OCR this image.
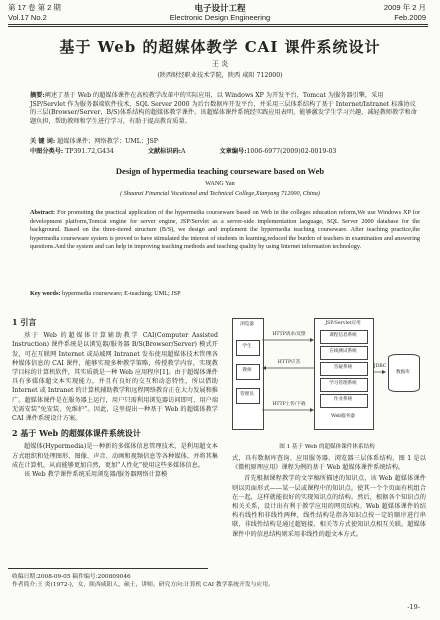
第 17 卷 第 2 期
Vol.17 No.2
电子设计工程
Electronic Design Engineering
2009 年 2 月
Feb.2009
基于 Web 的超媒体教学 CAI 课件系统设计
王 炎
(陕西财经职业技术学院，陕西 咸阳 712000)
摘要:阐述了基于 Web 的超媒体课件在高校教学改革中的实际应用，以 Windows XP 为开发平台，Tomcat 为服务器引擎，采用 JSP/Servlet 作为服务器端软件技术，SQL Server 2000 为后台数据库开发平台，并采用三层体系结构了基于 Internet/Intranet 标准协议的三层(Browser/Server，B/S)体系结构的超媒体教学课件。该超媒体课件系统经实践应用表明，能够激发学生学习兴趣，减轻教师教学和命题负担，帮助教师和学生进行学习，有助于提高教育质量。
关 键 词: 超媒体课件；网络教学；UML；JSP
中图分类号: TP391.72,G434	文献标识码:A	文章编号:1006-6977(2009)02-0019-03
Design of hypermedia teaching courseware based on Web
WANG Yan
( Shaanxi Financial Vocational and Technical College,Xianyang 712000, China)
Abstract: For promoting the practical application of the hypermedia courseware based on Web in the colleges education reform,We use Windows XP for development platform,Tomcat engine for server engine, JSP/Servlet as a server-side implementation language, SQL Server 2000 database for the background. Based on the three-tiered structure (B/S), we design and implement the hypermedia teaching courseware. After teaching practice,the hypermedia courseware system is proved to have stimulated the interest of students in learning,reduced the burden of teachers in examination and answering questions.And the system and can help in improving teaching methods and teaching quality by using Internet information technology.
Key words: hypermedia courseware; E-teaching; UML; JSP
1 引言
基于 Web 的超媒体计算辅助教学 CAI(Computer Assisted Instruction) 课件系统是以浏览器/服务器 B/S(Browser/Server) 模式开发，可在互联网 Internet 或局域网 Intranet 发布使用超媒体技术管理各种媒体信息的 CAI 课件，能够实现多种教学策略，传授教学内容，实现教学目标的计算机软件，其实质就是一种 Web 应用程序[1]。由于超媒体课件具有多媒体超文本实现能力，并且有良好的交互和动态特性，所以借助 Internet 或 Intranet 的计算机辅助教学和远程网络教育正在大力发展和推广。超媒体课件是在服务器上运行，用户只需利用浏览器访问即可，用户端无需安装“免安装、免维护”。因此，这里提出一种基于 Web 的超媒体教学 CAI 课件系统设计方案。
2 基于 Web 的超媒体课件系统设计
超媒体(Hypermedia)是一种新的多媒体信息管理技术，是利用超文本方式组织和处理图形、图像、声音、动画和视频信息等各种媒体，并将其集成在计算机，从而能够更加自然，更加“人性化”使用这些多媒体信息。
该 Web 教学课件系统采用浏览器/服务器网络计算模
浏览器
学生
教师
管理员
HTTP请求/反馈
HTTP应答
HTTP上传/下载
JSP/Servlet应用
课程信息系统
在线测试系统
答疑系统
学习管理系统
作业系统
Web服务器
JDBC
数据库
图 1 基于 Web 的超媒体课件体系结构
式，具有数据库查询、应用服务器、浏览器三层体系结构，图 1 是以《微机原理应用》课程为例的基于 Web 超媒体课件系统结构。
首先根据课程教学的文字稿所描述的知识点，该 Web 超媒体课件则以页面形式——某一层或课程中的知识点。使其一个个页面有机组合在一起，这样就能很好的实现知识点的结构。然后，根据各个知识点的相关关系，设计出有利于教学应用的网页结构。Web 超媒体课件的结构有线性和非线性两种，线性结构是指各知识点按一定的顺序进行串联，非线性结构是通过超链接、相关等方式使知识点相互关联。超媒体课件中的信息结构则采用非线性的超文本方式。
收稿日期:2008-09-05 稿件编号:200809046
作者简介:王 炎(1972-)，女，陕西咸阳人，硕士，讲师。研究方向:计算机 CAI 教学系统开发与应用。
-19-
